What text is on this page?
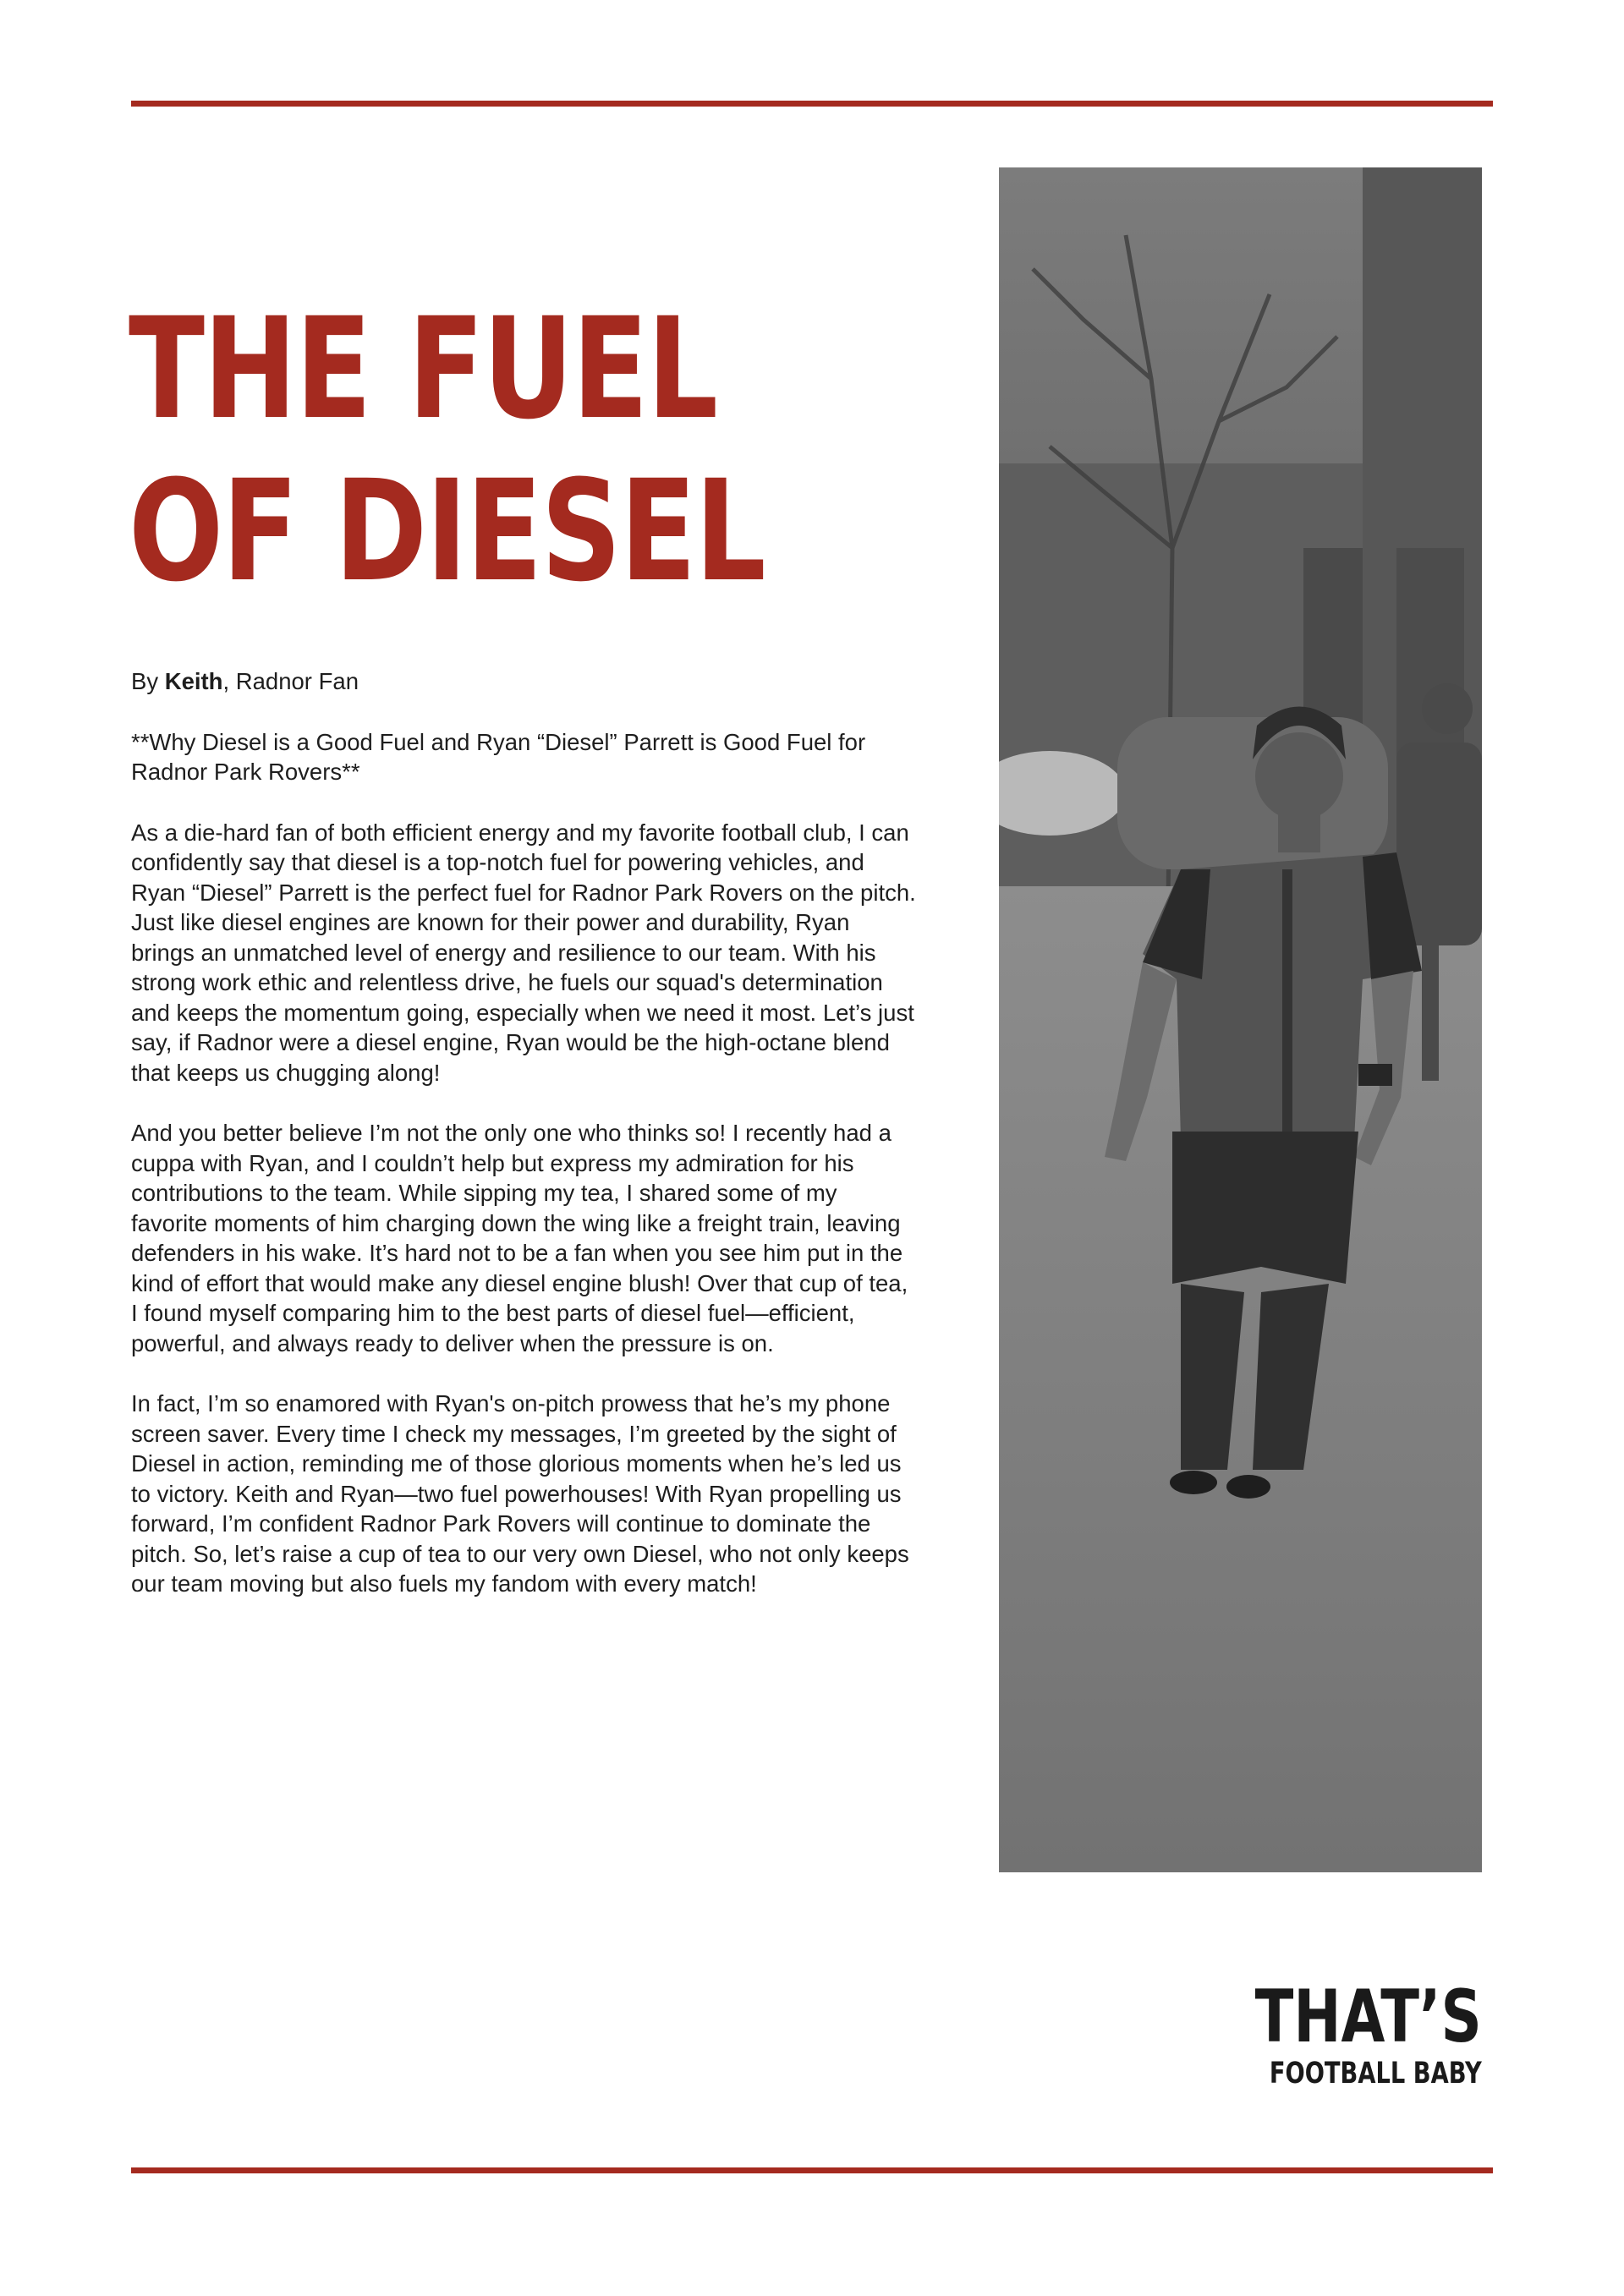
THE FUEL
OF DIESEL

By Keith, Radnor Fan

**Why Diesel is a Good Fuel and Ryan “Diesel” Parrett is Good Fuel for Radnor Park Rovers**

As a die-hard fan of both efficient energy and my favorite football club, I can confidently say that diesel is a top-notch fuel for powering vehicles, and Ryan “Diesel” Parrett is the perfect fuel for Radnor Park Rovers on the pitch. Just like diesel engines are known for their power and durability, Ryan brings an unmatched level of energy and resilience to our team. With his strong work ethic and relentless drive, he fuels our squad's determination and keeps the momentum going, especially when we need it most. Let’s just say, if Radnor were a diesel engine, Ryan would be the high-octane blend that keeps us chugging along!

And you better believe I’m not the only one who thinks so! I recently had a cuppa with Ryan, and I couldn’t help but express my admiration for his contributions to the team. While sipping my tea, I shared some of my favorite moments of him charging down the wing like a freight train, leaving defenders in his wake. It’s hard not to be a fan when you see him put in the kind of effort that would make any diesel engine blush! Over that cup of tea, I found myself comparing him to the best parts of diesel fuel—efficient, powerful, and always ready to deliver when the pressure is on.

In fact, I’m so enamored with Ryan's on-pitch prowess that he’s my phone screen saver. Every time I check my messages, I’m greeted by the sight of Diesel in action, reminding me of those glorious moments when he’s led us to victory. Keith and Ryan—two fuel powerhouses! With Ryan propelling us forward, I’m confident Radnor Park Rovers will continue to dominate the pitch. So, let’s raise a cup of tea to our very own Diesel, who not only keeps our team moving but also fuels my fandom with every match!

THAT’S
FOOTBALL BABY
